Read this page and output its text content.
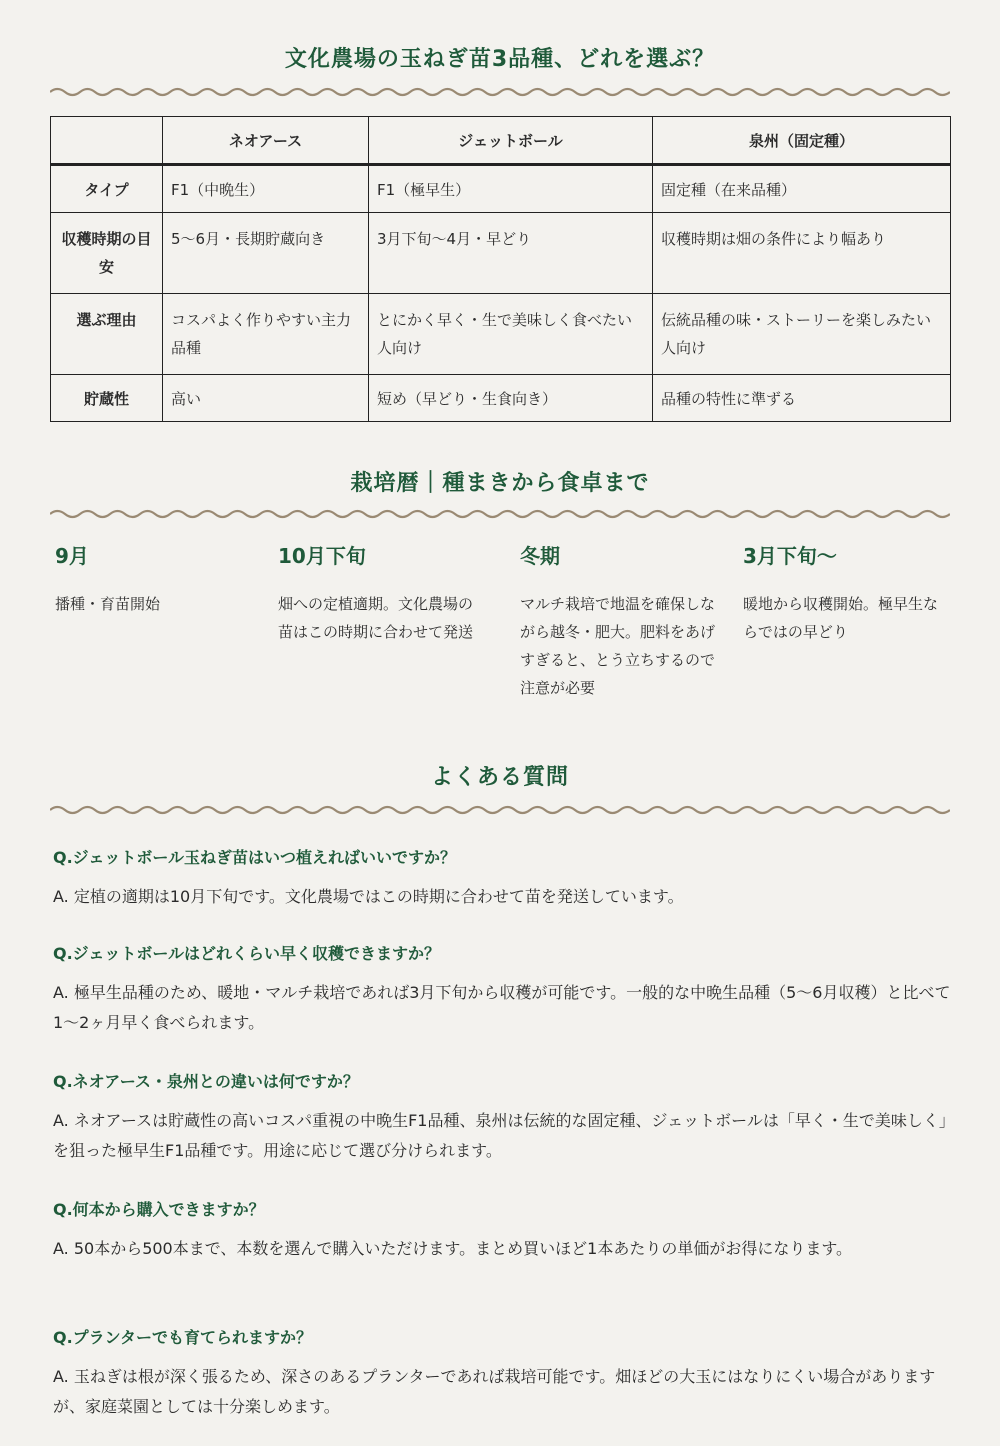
文化農場の玉ねぎ苗3品種、どれを選ぶ？
	ネオアース	ジェットボール	泉州（固定種）
タイプ	F1（中晩生）	F1（極早生）	固定種（在来品種）
収穫時期の目安	5〜6月・長期貯蔵向き	3月下旬〜4月・早どり	収穫時期は畑の条件により幅あり
選ぶ理由	コスパよく作りやすい主力品種	とにかく早く・生で美味しく食べたい人向け	伝統品種の味・ストーリーを楽しみたい人向け
貯蔵性	高い	短め（早どり・生食向き）	品種の特性に準ずる
栽培暦｜種まきから食卓まで
9月
播種・育苗開始
10月下旬
畑への定植適期。文化農場の苗はこの時期に合わせて発送
冬期
マルチ栽培で地温を確保しながら越冬・肥大。肥料をあげすぎると、とう立ちするので注意が必要
3月下旬〜
暖地から収穫開始。極早生ならではの早どり
よくある質問
Q.ジェットボール玉ねぎ苗はいつ植えればいいですか？
A. 定植の適期は10月下旬です。文化農場ではこの時期に合わせて苗を発送しています。
Q.ジェットボールはどれくらい早く収穫できますか？
A. 極早生品種のため、暖地・マルチ栽培であれば3月下旬から収穫が可能です。一般的な中晩生品種（5〜6月収穫）と比べて1〜2ヶ月早く食べられます。
Q.ネオアース・泉州との違いは何ですか？
A. ネオアースは貯蔵性の高いコスパ重視の中晩生F1品種、泉州は伝統的な固定種、ジェットボールは「早く・生で美味しく」を狙った極早生F1品種です。用途に応じて選び分けられます。
Q.何本から購入できますか？
A. 50本から500本まで、本数を選んで購入いただけます。まとめ買いほど1本あたりの単価がお得になります。
Q.プランターでも育てられますか？
A. 玉ねぎは根が深く張るため、深さのあるプランターであれば栽培可能です。畑ほどの大玉にはなりにくい場合がありますが、家庭菜園としては十分楽しめます。
